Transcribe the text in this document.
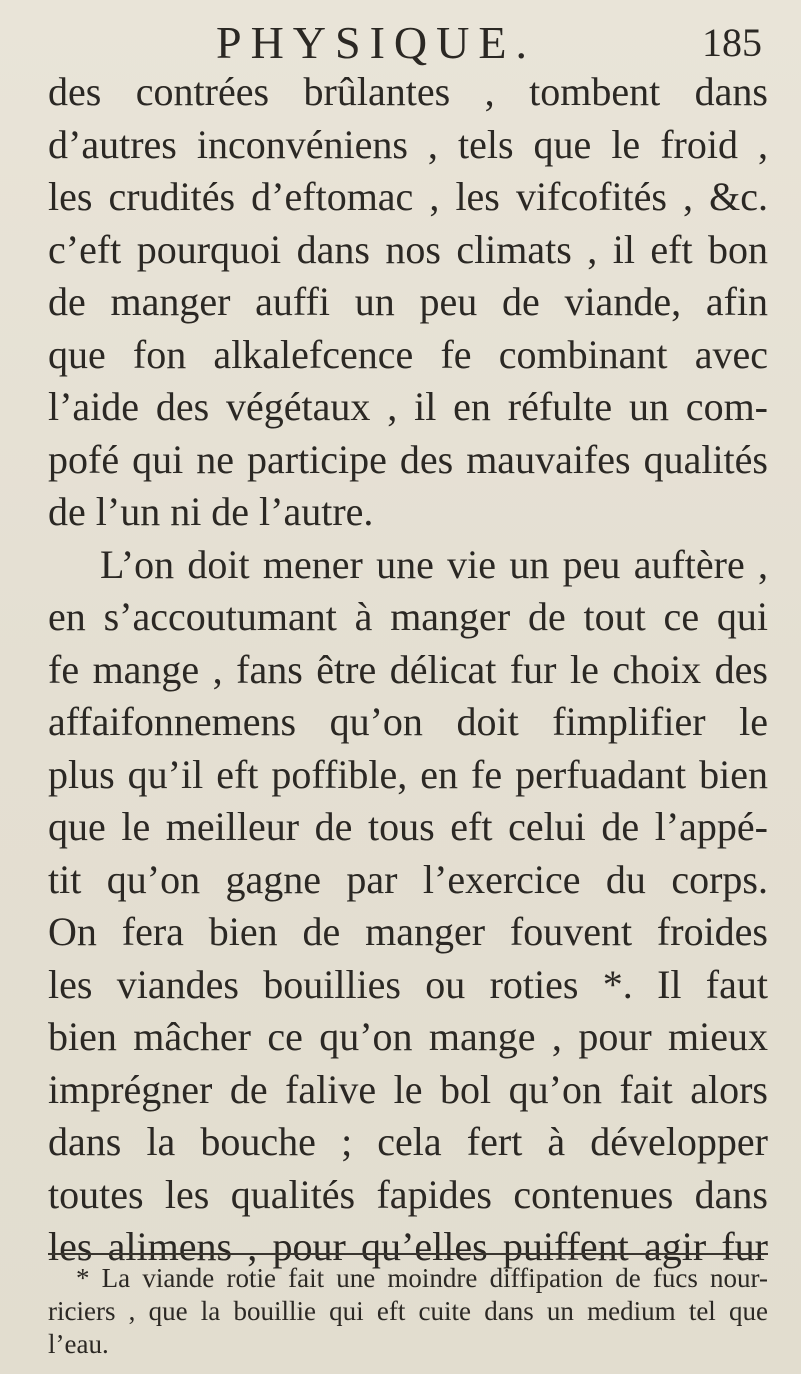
PHYSIQUE.	185
des contrées brûlantes , tombent dans
d’autres inconvéniens , tels que le froid ,
les crudités d’eftomac , les vifcofités , &c.
c’eft pourquoi dans nos climats , il eft bon
de manger auffi un peu de viande, afin
que fon alkalefcence fe combinant avec
l’aide des végétaux , il en réfulte un com-
pofé qui ne participe des mauvaifes qualités
de l’un ni de l’autre.
L’on doit mener une vie un peu auftère ,
en s’accoutumant à manger de tout ce qui
fe mange , fans être délicat fur le choix des
affaifonnemens qu’on doit fimplifier le
plus qu’il eft poffible, en fe perfuadant bien
que le meilleur de tous eft celui de l’appé-
tit qu’on gagne par l’exercice du corps.
On fera bien de manger fouvent froides
les viandes bouillies ou roties *. Il faut
bien mâcher ce qu’on mange , pour mieux
imprégner de falive le bol qu’on fait alors
dans la bouche ; cela fert à développer
toutes les qualités fapides contenues dans
les alimens , pour qu’elles puiffent agir fur
* La viande rotie fait une moindre diffipation de fucs nour-
riciers , que la bouillie qui eft cuite dans un medium tel que
l’eau.
